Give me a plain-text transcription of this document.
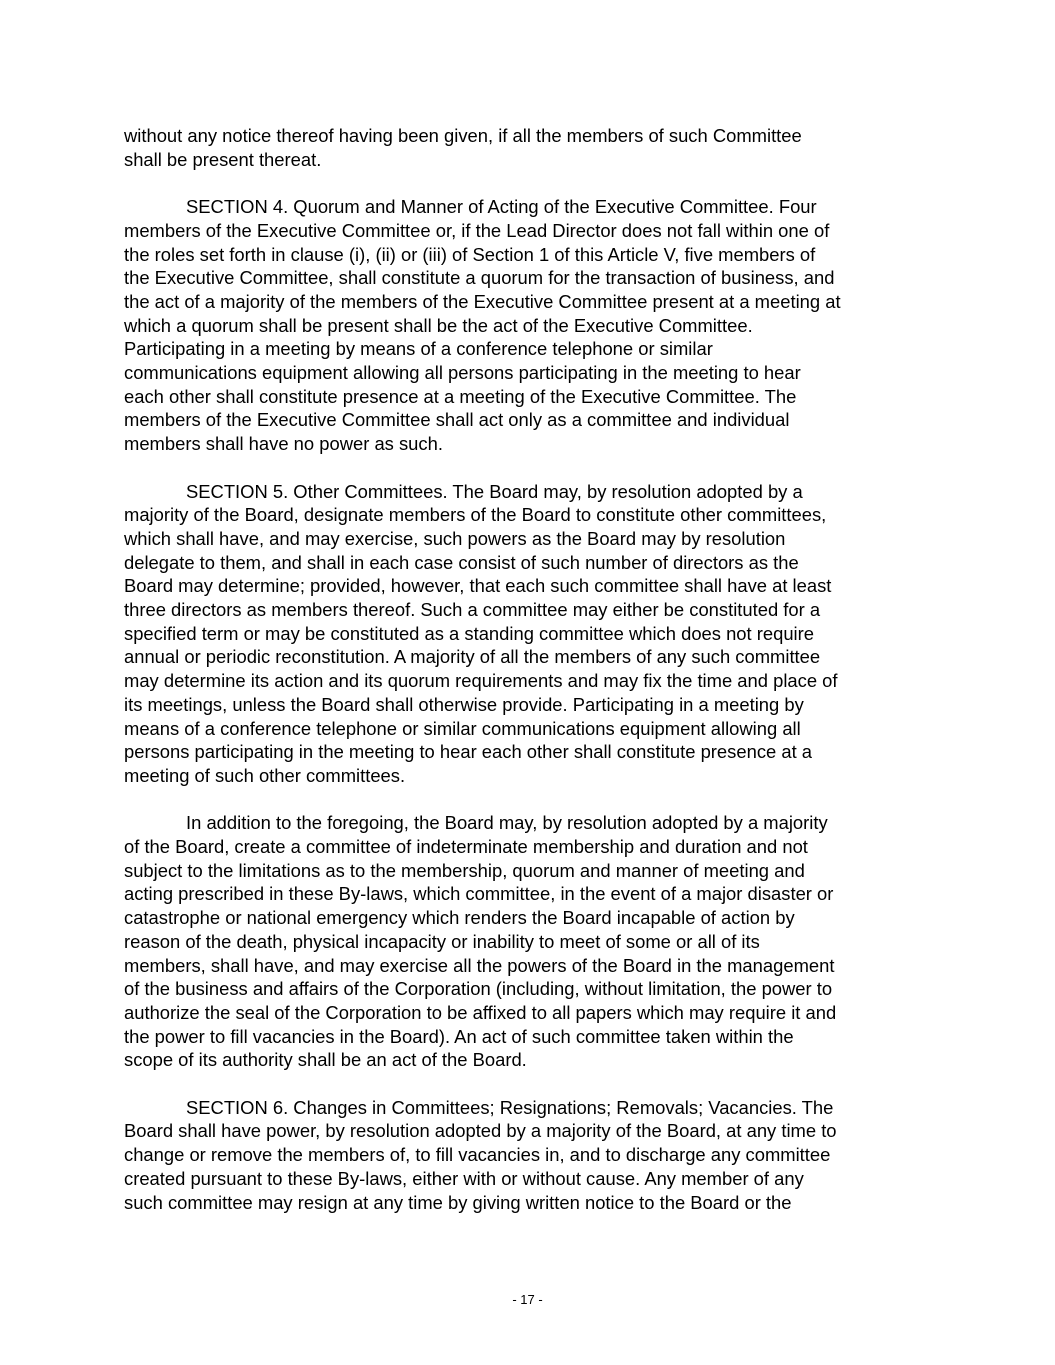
without any notice thereof having been given, if all the members of such Committee
shall be present thereat.

SECTION 4. Quorum and Manner of Acting of the Executive Committee. Four
members of the Executive Committee or, if the Lead Director does not fall within one of
the roles set forth in clause (i), (ii) or (iii) of Section 1 of this Article V, five members of
the Executive Committee, shall constitute a quorum for the transaction of business, and
the act of a majority of the members of the Executive Committee present at a meeting at
which a quorum shall be present shall be the act of the Executive Committee.
Participating in a meeting by means of a conference telephone or similar
communications equipment allowing all persons participating in the meeting to hear
each other shall constitute presence at a meeting of the Executive Committee. The
members of the Executive Committee shall act only as a committee and individual
members shall have no power as such.

SECTION 5. Other Committees. The Board may, by resolution adopted by a
majority of the Board, designate members of the Board to constitute other committees,
which shall have, and may exercise, such powers as the Board may by resolution
delegate to them, and shall in each case consist of such number of directors as the
Board may determine; provided, however, that each such committee shall have at least
three directors as members thereof. Such a committee may either be constituted for a
specified term or may be constituted as a standing committee which does not require
annual or periodic reconstitution. A majority of all the members of any such committee
may determine its action and its quorum requirements and may fix the time and place of
its meetings, unless the Board shall otherwise provide. Participating in a meeting by
means of a conference telephone or similar communications equipment allowing all
persons participating in the meeting to hear each other shall constitute presence at a
meeting of such other committees.

In addition to the foregoing, the Board may, by resolution adopted by a majority
of the Board, create a committee of indeterminate membership and duration and not
subject to the limitations as to the membership, quorum and manner of meeting and
acting prescribed in these By-laws, which committee, in the event of a major disaster or
catastrophe or national emergency which renders the Board incapable of action by
reason of the death, physical incapacity or inability to meet of some or all of its
members, shall have, and may exercise all the powers of the Board in the management
of the business and affairs of the Corporation (including, without limitation, the power to
authorize the seal of the Corporation to be affixed to all papers which may require it and
the power to fill vacancies in the Board). An act of such committee taken within the
scope of its authority shall be an act of the Board.

SECTION 6. Changes in Committees; Resignations; Removals; Vacancies. The
Board shall have power, by resolution adopted by a majority of the Board, at any time to
change or remove the members of, to fill vacancies in, and to discharge any committee
created pursuant to these By-laws, either with or without cause. Any member of any
such committee may resign at any time by giving written notice to the Board or the

- 17 -
